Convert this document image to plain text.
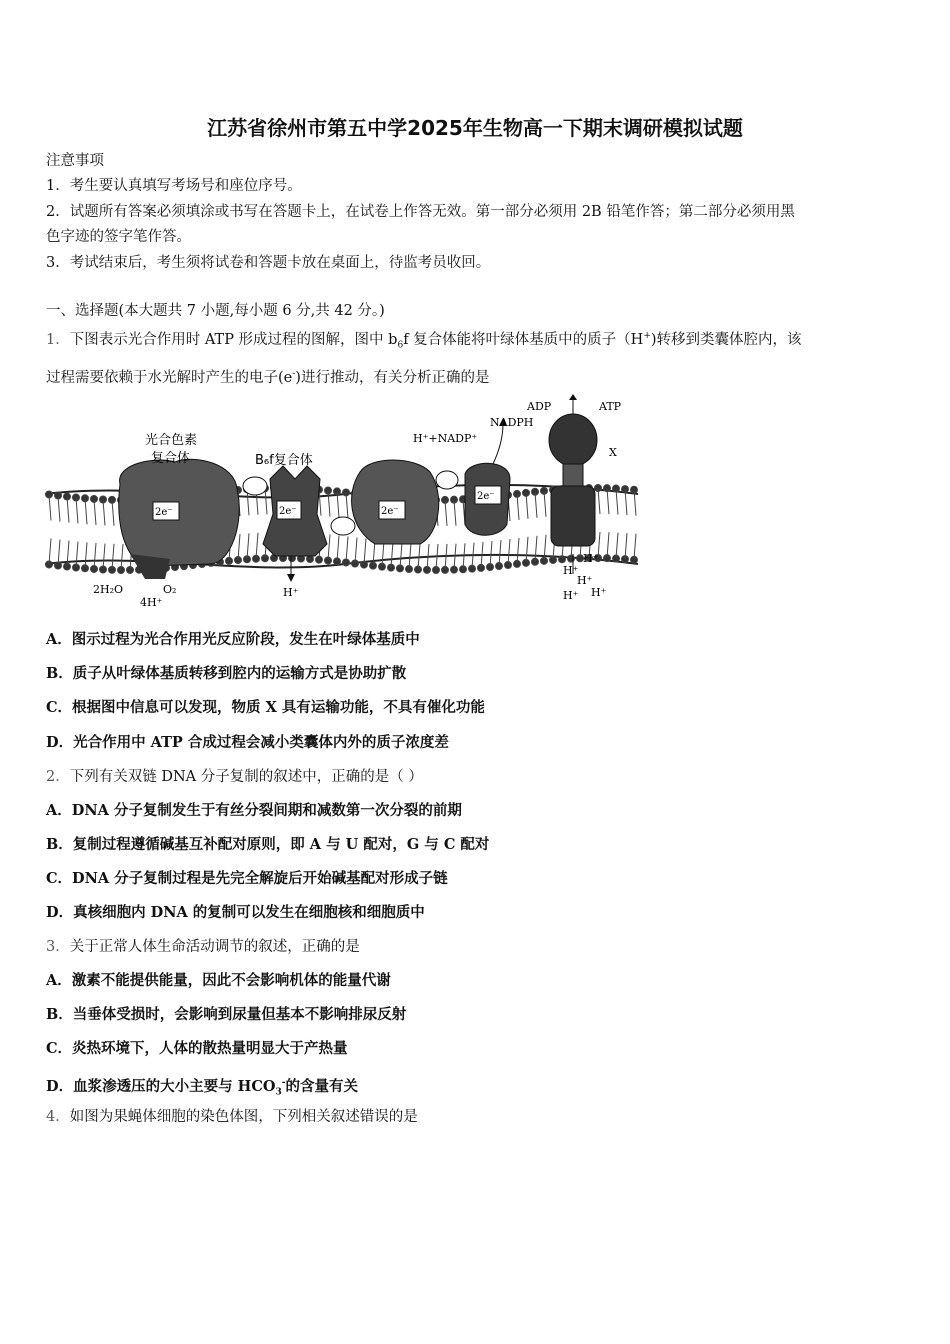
江苏省徐州市第五中学2025年生物高一下期末调研模拟试题
注意事项
1．考生要认真填写考场号和座位序号。
2．试题所有答案必须填涂或书写在答题卡上，在试卷上作答无效。第一部分必须用 2B 铅笔作答；第二部分必须用黑
色字迹的签字笔作答。
3．考试结束后，考生须将试卷和答题卡放在桌面上，待监考员收回。
一、选择题(本大题共 7 小题,每小题 6 分,共 42 分。)
1．下图表示光合作用时 ATP 形成过程的图解，图中 $b_6f$ 复合体能将叶绿体基质中的质子（H+)转移到类囊体腔内，该
过程需要依赖于水光解时产生的电子(e-)进行推动，有关分析正确的是
光合色素
复合体	B₆f复合体
H⁺+NADP⁺
NADPH
ADP	ATP
X
2e⁻	2e⁻	2e⁻
2e⁻
2H₂O
4H⁺
O₂	H⁺
H⁺
H⁺
H⁺
H⁺ H⁺
A．图示过程为光合作用光反应阶段，发生在叶绿体基质中
B．质子从叶绿体基质转移到腔内的运输方式是协助扩散
C．根据图中信息可以发现，物质 X 具有运输功能，不具有催化功能
D．光合作用中 ATP 合成过程会减小类囊体内外的质子浓度差
2．下列有关双链 DNA 分子复制的叙述中，正确的是（ ）
A．DNA 分子复制发生于有丝分裂间期和减数第一次分裂的前期
B．复制过程遵循碱基互补配对原则，即 A 与 U 配对，G 与 C 配对
C．DNA 分子复制过程是先完全解旋后开始碱基配对形成子链
D．真核细胞内 DNA 的复制可以发生在细胞核和细胞质中
3．关于正常人体生命活动调节的叙述，正确的是
A．激素不能提供能量，因此不会影响机体的能量代谢
B．当垂体受损时，会影响到尿量但基本不影响排尿反射
C．炎热环境下，人体的散热量明显大于产热量
D．血浆渗透压的大小主要与 $HCO_3^-$的含量有关
4．如图为果蝇体细胞的染色体图，下列相关叙述错误的是
